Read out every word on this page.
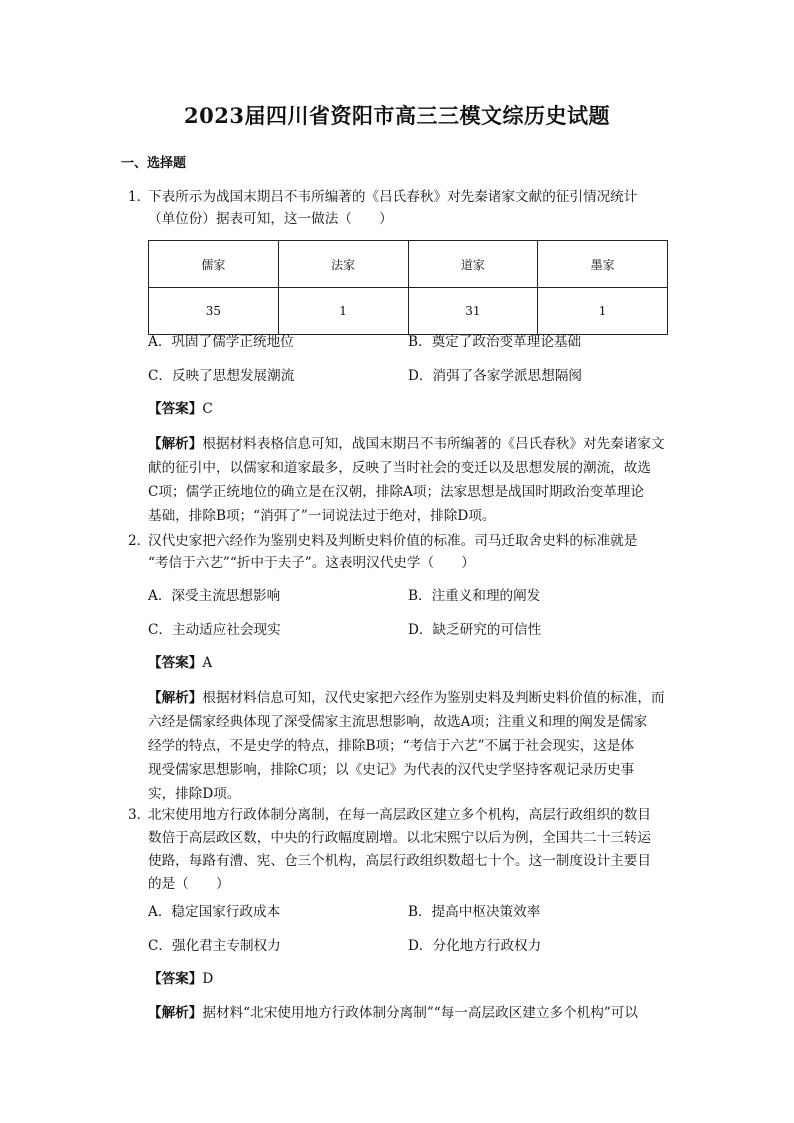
2023届四川省资阳市高三三模文综历史试题
一、选择题
1．
下表所示为战国末期吕不韦所编著的《吕氏春秋》对先秦诸家文献的征引情况统计
（单位份）据表可知，这一做法（　　）
儒家	法家	道家	墨家
35	1	31	1
A．巩固了儒学正统地位	B．奠定了政治变革理论基础
C．反映了思想发展潮流	D．消弭了各家学派思想隔阂
【答案】C
【解析】根据材料表格信息可知，战国末期吕不韦所编著的《吕氏春秋》对先秦诸家文
献的征引中，以儒家和道家最多，反映了当时社会的变迁以及思想发展的潮流，故选
C项；儒学正统地位的确立是在汉朝，排除A项；法家思想是战国时期政治变革理论
基础，排除B项；“消弭了”一词说法过于绝对，排除D项。
2．
汉代史家把六经作为鉴别史料及判断史料价值的标准。司马迁取舍史料的标准就是
“考信于六艺”“折中于夫子”。这表明汉代史学（　　）
A．深受主流思想影响	B．注重义和理的阐发
C．主动适应社会现实	D．缺乏研究的可信性
【答案】A
【解析】根据材料信息可知，汉代史家把六经作为鉴别史料及判断史料价值的标准，而
六经是儒家经典体现了深受儒家主流思想影响，故选A项；注重义和理的阐发是儒家
经学的特点，不是史学的特点，排除B项；“考信于六艺”不属于社会现实，这是体
现受儒家思想影响，排除C项；以《史记》为代表的汉代史学坚持客观记录历史事
实，排除D项。
3．
北宋使用地方行政体制分离制，在每一高层政区建立多个机构，高层行政组织的数目
数倍于高层政区数，中央的行政幅度剧增。以北宋熙宁以后为例，全国共二十三转运
使路，每路有漕、宪、仓三个机构，高层行政组织数超七十个。这一制度设计主要目
的是（　　）
A．稳定国家行政成本	B．提高中枢决策效率
C．强化君主专制权力	D．分化地方行政权力
【答案】D
【解析】据材料“北宋使用地方行政体制分离制”“每一高层政区建立多个机构”可以
